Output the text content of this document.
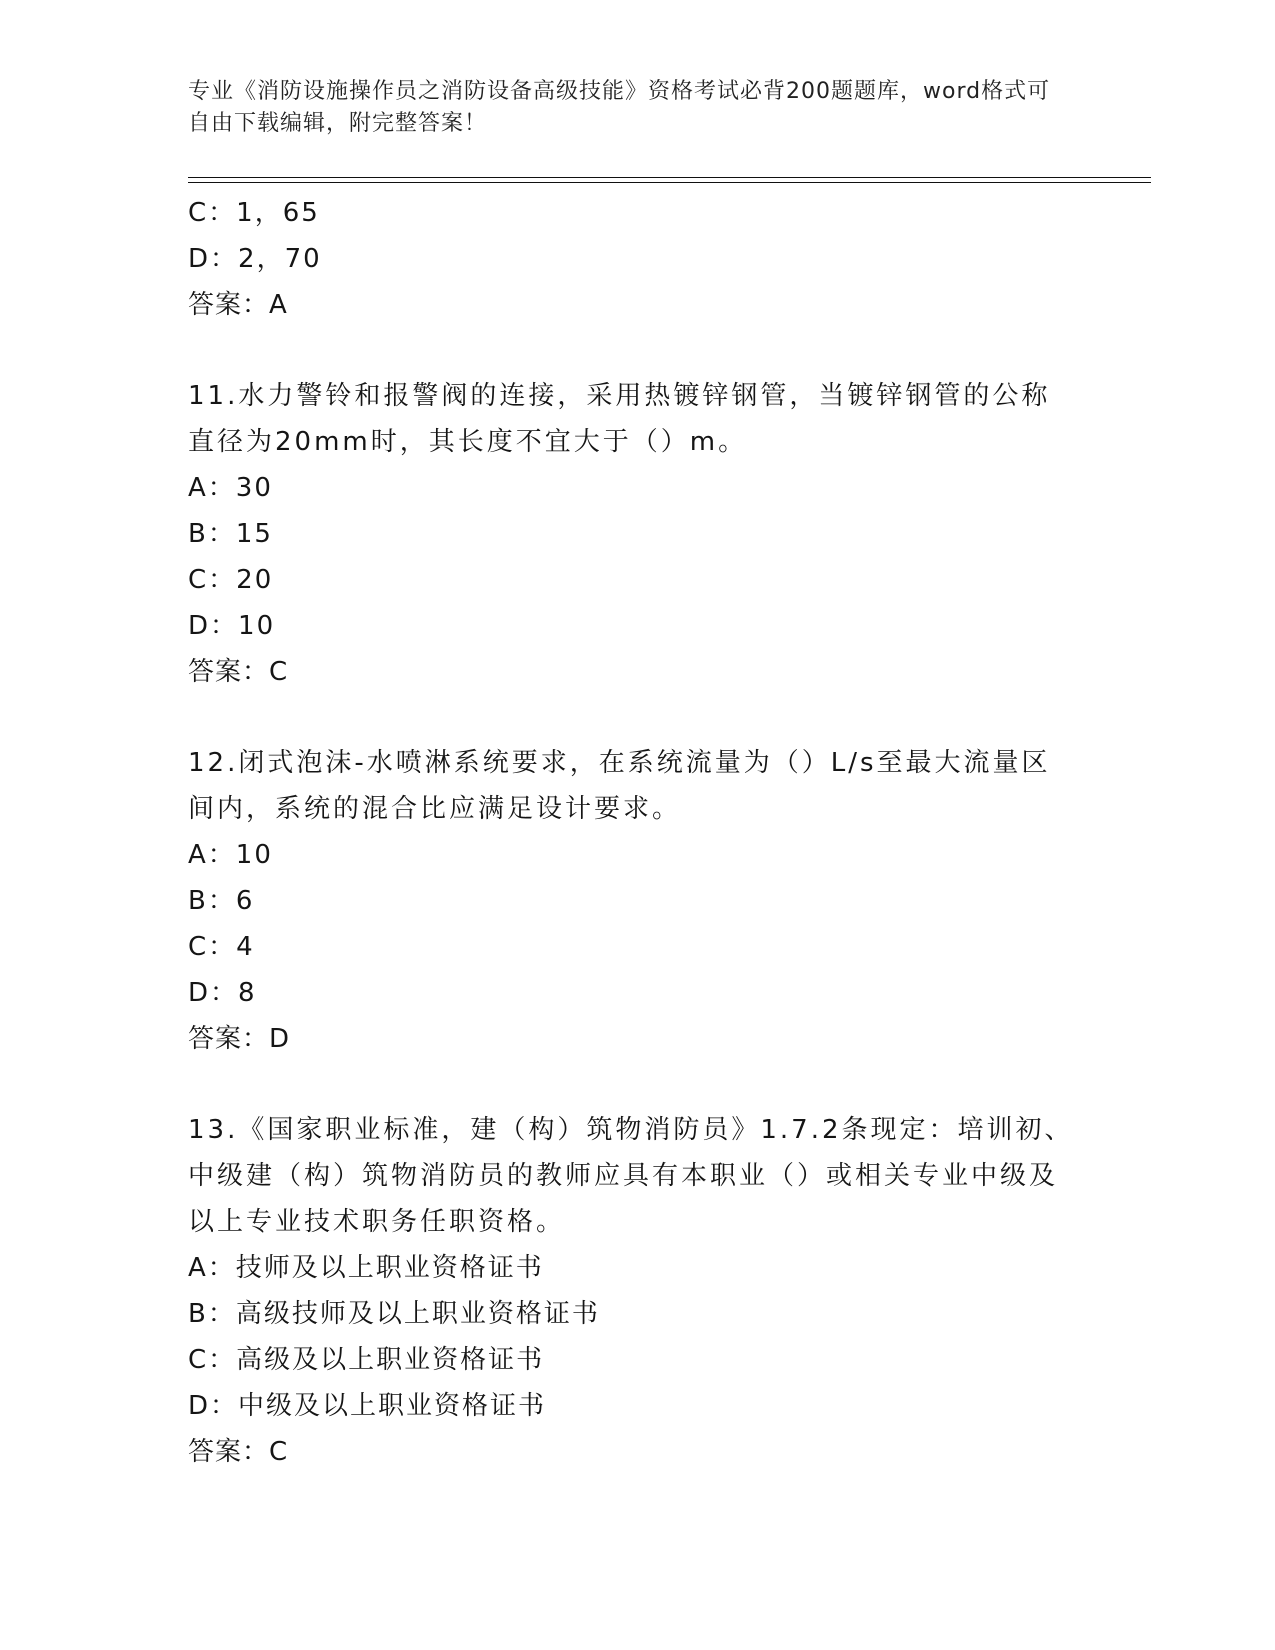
专业《消防设施操作员之消防设备高级技能》资格考试必背200题题库，word格式可自由下载编辑，附完整答案！
C：1，65
D：2，70
答案：A
11.水力警铃和报警阀的连接，采用热镀锌钢管，当镀锌钢管的公称直径为20mm时，其长度不宜大于（）m。
A：30
B：15
C：20
D：10
答案：C
12.闭式泡沫-水喷淋系统要求，在系统流量为（）L/s至最大流量区间内，系统的混合比应满足设计要求。
A：10
B：6
C：4
D：8
答案：D
13.《国家职业标准，建（构）筑物消防员》1.7.2条现定：培训初、中级建（构）筑物消防员的教师应具有本职业（）或相关专业中级及以上专业技术职务任职资格。
A：技师及以上职业资格证书
B：高级技师及以上职业资格证书
C：高级及以上职业资格证书
D：中级及以上职业资格证书
答案：C
